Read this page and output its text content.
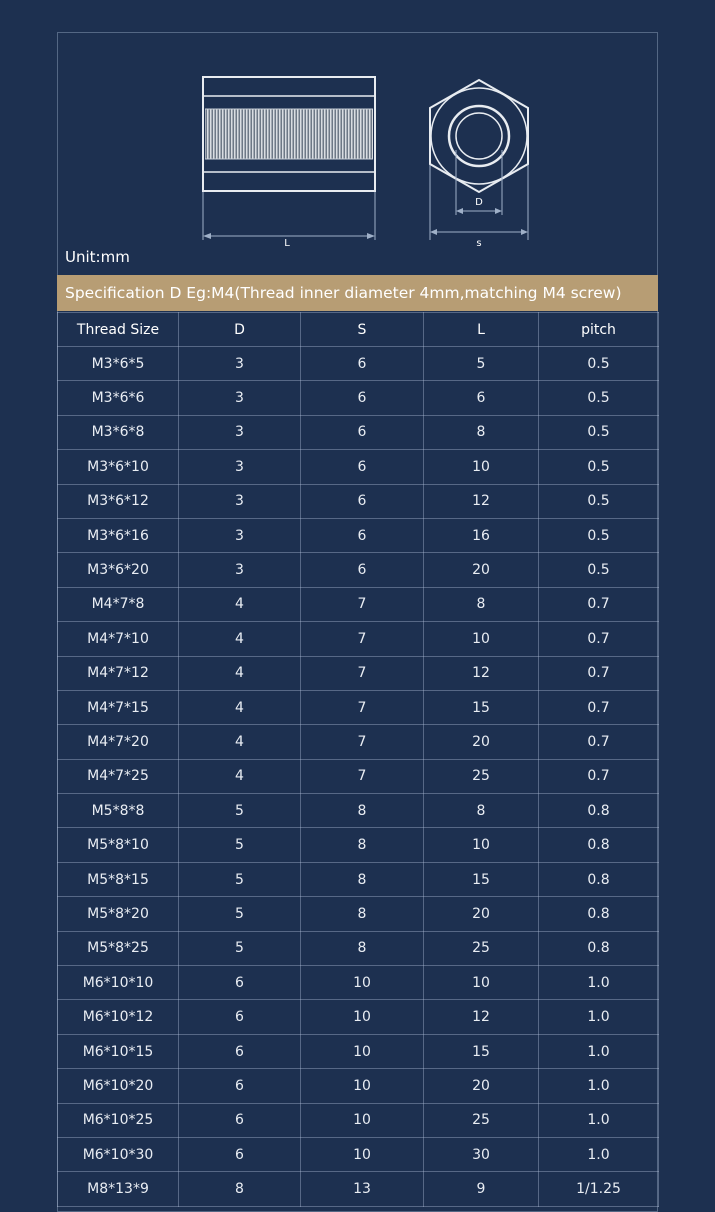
L
D
s
Unit:mm
Specification D Eg:M4(Thread inner diameter 4mm,matching M4 screw)
Thread Size	D	S	L	pitch
M3*6*5	3	6	5	0.5
M3*6*6	3	6	6	0.5
M3*6*8	3	6	8	0.5
M3*6*10	3	6	10	0.5
M3*6*12	3	6	12	0.5
M3*6*16	3	6	16	0.5
M3*6*20	3	6	20	0.5
M4*7*8	4	7	8	0.7
M4*7*10	4	7	10	0.7
M4*7*12	4	7	12	0.7
M4*7*15	4	7	15	0.7
M4*7*20	4	7	20	0.7
M4*7*25	4	7	25	0.7
M5*8*8	5	8	8	0.8
M5*8*10	5	8	10	0.8
M5*8*15	5	8	15	0.8
M5*8*20	5	8	20	0.8
M5*8*25	5	8	25	0.8
M6*10*10	6	10	10	1.0
M6*10*12	6	10	12	1.0
M6*10*15	6	10	15	1.0
M6*10*20	6	10	20	1.0
M6*10*25	6	10	25	1.0
M6*10*30	6	10	30	1.0
M8*13*9	8	13	9	1/1.25
